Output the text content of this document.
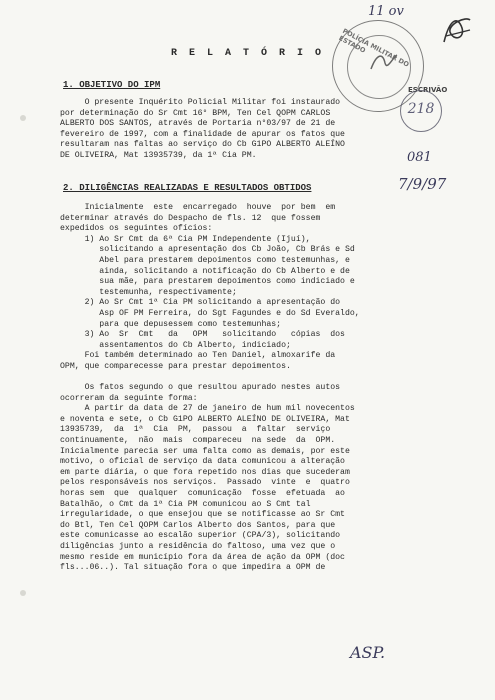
11 ov
POLÍCIA MILITAR DO ESTADO
ESCRIVÃO
218
081
7/9/97
R E L A T Ó R I O
1. OBJETIVO DO IPM
O presente Inquérito Policial Militar foi instaurado
por determinação do Sr Cmt 16° BPM, Ten Cel QOPM CARLOS
ALBERTO DOS SANTOS, através de Portaria n°03/97 de 21 de
fevereiro de 1997, com a finalidade de apurar os fatos que
resultaram nas faltas ao serviço do Cb G1PO ALBERTO ALEÍNO
DE OLIVEIRA, Mat 13935739, da 1ª Cia PM.
2. DILIGÊNCIAS REALIZADAS E RESULTADOS OBTIDOS
Inicialmente  este  encarregado  houve  por bem  em
determinar através do Despacho de fls. 12  que fossem
expedidos os seguintes ofícios:
1) Ao Sr Cmt da 6ª Cia PM Independente (Ijuí),
solicitando a apresentação dos Cb João, Cb Brás e Sd
Abel para prestarem depoimentos como testemunhas, e
ainda, solicitando a notificação do Cb Alberto e de
sua mãe, para prestarem depoimentos como indiciado e
testemunha, respectivamente;
2) Ao Sr Cmt 1ª Cia PM solicitando a apresentação do
Asp OF PM Ferreira, do Sgt Fagundes e do Sd Everaldo,
para que depusessem como testemunhas;
3) Ao  Sr  Cmt   da   OPM   solicitando   cópias  dos
assentamentos do Cb Alberto, indiciado;
Foi também determinado ao Ten Daniel, almoxarife da
OPM, que comparecesse para prestar depoimentos.

Os fatos segundo o que resultou apurado nestes autos
ocorreram da seguinte forma:
A partir da data de 27 de janeiro de hum mil novecentos
e noventa e sete, o Cb G1PO ALBERTO ALEÍNO DE OLIVEIRA, Mat
13935739,  da  1ª  Cia  PM,  passou  a  faltar  serviço
continuamente,  não  mais  compareceu  na sede  da  OPM.
Inicialmente parecia ser uma falta como as demais, por este
motivo, o oficial de serviço da data comunicou a alteração
em parte diária, o que fora repetido nos dias que sucederam
pelos responsáveis nos serviços.  Passado  vinte  e  quatro
horas sem  que  qualquer  comunicação  fosse  efetuada  ao
Batalhão, o Cmt da 1ª Cia PM comunicou ao S Cmt tal
irregularidade, o que ensejou que se notificasse ao Sr Cmt
do Btl, Ten Cel QOPM Carlos Alberto dos Santos, para que
este comunicasse ao escalão superior (CPA/3), solicitando
diligências junto a residência do faltoso, uma vez que o
mesmo reside em município fora da área de ação da OPM (doc
fls...06..). Tal situação fora o que impedira a OPM de
ASP.
